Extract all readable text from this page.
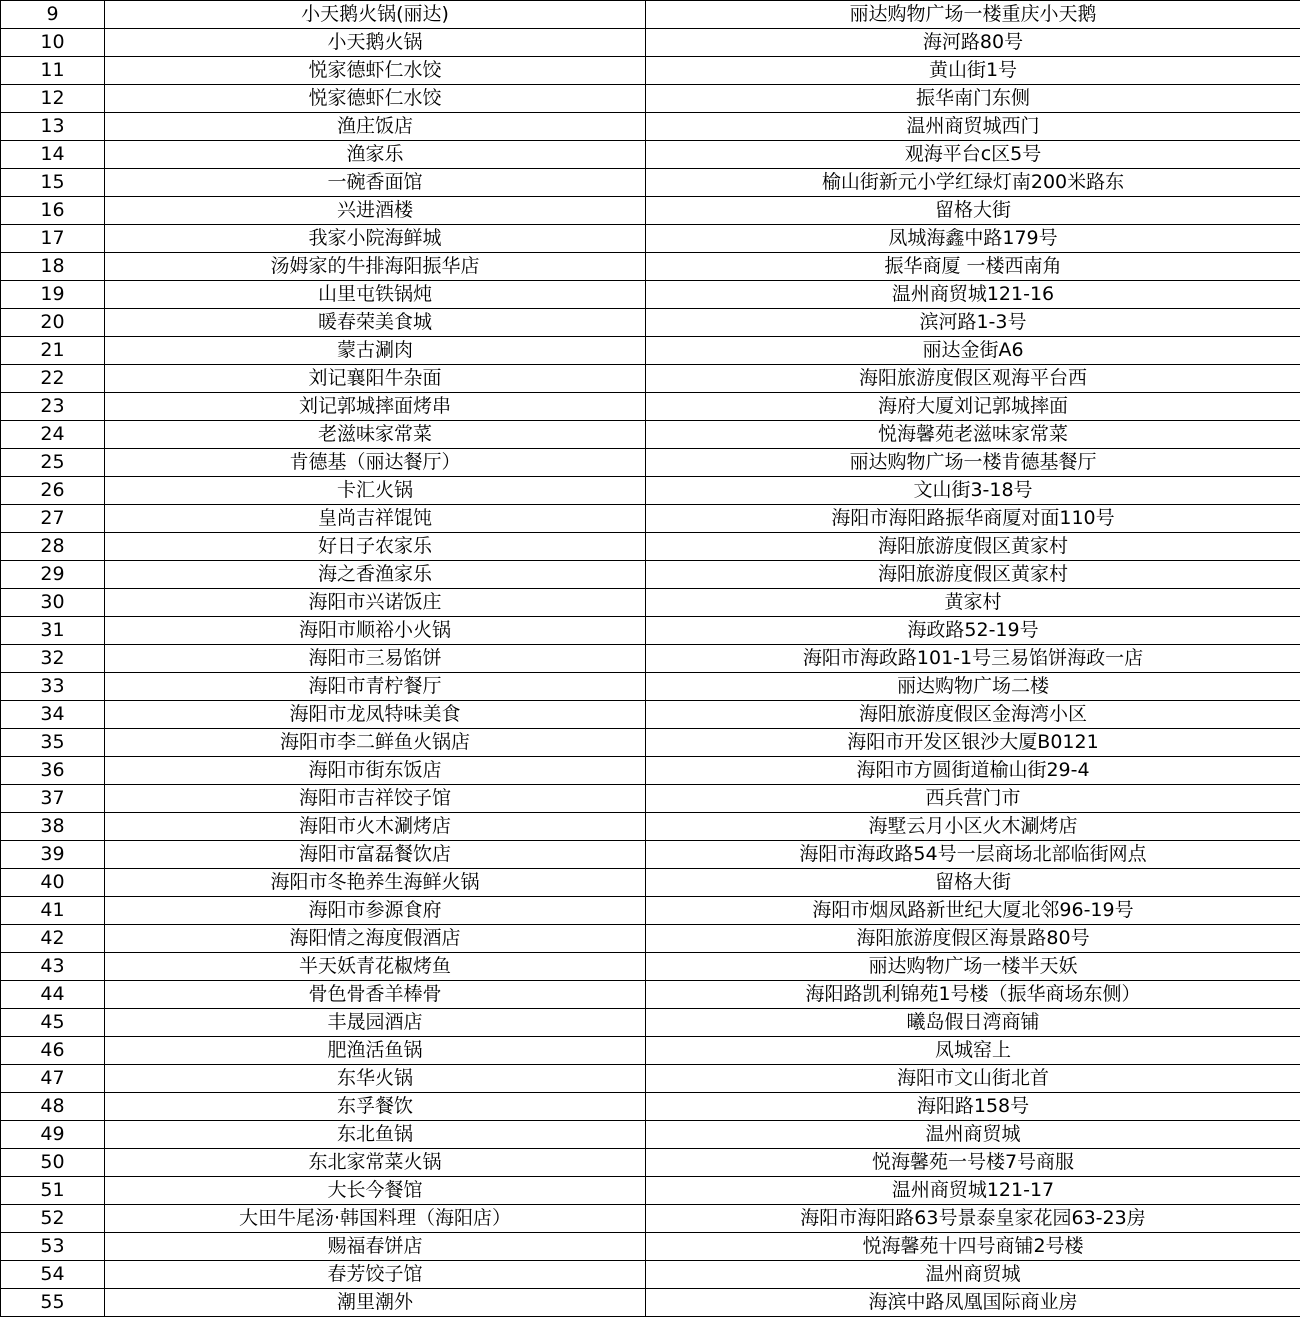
9	小天鹅火锅(丽达)	丽达购物广场一楼重庆小天鹅
10	小天鹅火锅	海河路80号
11	悦家德虾仁水饺	黄山街1号
12	悦家德虾仁水饺	振华南门东侧
13	渔庄饭店	温州商贸城西门
14	渔家乐	观海平台c区5号
15	一碗香面馆	榆山街新元小学红绿灯南200米路东
16	兴进酒楼	留格大街
17	我家小院海鲜城	凤城海鑫中路179号
18	汤姆家的牛排海阳振华店	振华商厦 一楼西南角
19	山里屯铁锅炖	温州商贸城121-16
20	暖春荣美食城	滨河路1-3号
21	蒙古涮肉	丽达金街A6
22	刘记襄阳牛杂面	海阳旅游度假区观海平台西
23	刘记郭城摔面烤串	海府大厦刘记郭城摔面
24	老滋味家常菜	悦海馨苑老滋味家常菜
25	肯德基（丽达餐厅）	丽达购物广场一楼肯德基餐厅
26	卡汇火锅	文山街3-18号
27	皇尚吉祥馄饨	海阳市海阳路振华商厦对面110号
28	好日子农家乐	海阳旅游度假区黄家村
29	海之香渔家乐	海阳旅游度假区黄家村
30	海阳市兴诺饭庄	黄家村
31	海阳市顺裕小火锅	海政路52-19号
32	海阳市三易馅饼	海阳市海政路101-1号三易馅饼海政一店
33	海阳市青柠餐厅	丽达购物广场二楼
34	海阳市龙凤特味美食	海阳旅游度假区金海湾小区
35	海阳市李二鲜鱼火锅店	海阳市开发区银沙大厦B0121
36	海阳市街东饭店	海阳市方圆街道榆山街29-4
37	海阳市吉祥饺子馆	西兵营门市
38	海阳市火木涮烤店	海墅云月小区火木涮烤店
39	海阳市富磊餐饮店	海阳市海政路54号一层商场北部临街网点
40	海阳市冬艳养生海鲜火锅	留格大街
41	海阳市参源食府	海阳市烟凤路新世纪大厦北邻96-19号
42	海阳情之海度假酒店	海阳旅游度假区海景路80号
43	半天妖青花椒烤鱼	丽达购物广场一楼半天妖
44	骨色骨香羊棒骨	海阳路凯利锦苑1号楼（振华商场东侧）
45	丰晟园酒店	曦岛假日湾商铺
46	肥渔活鱼锅	凤城窑上
47	东华火锅	海阳市文山街北首
48	东孚餐饮	海阳路158号
49	东北鱼锅	温州商贸城
50	东北家常菜火锅	悦海馨苑一号楼7号商服
51	大长今餐馆	温州商贸城121-17
52	大田牛尾汤·韩国料理（海阳店）	海阳市海阳路63号景泰皇家花园63-23房
53	赐福春饼店	悦海馨苑十四号商铺2号楼
54	春芳饺子馆	温州商贸城
55	潮里潮外	海滨中路凤凰国际商业房
